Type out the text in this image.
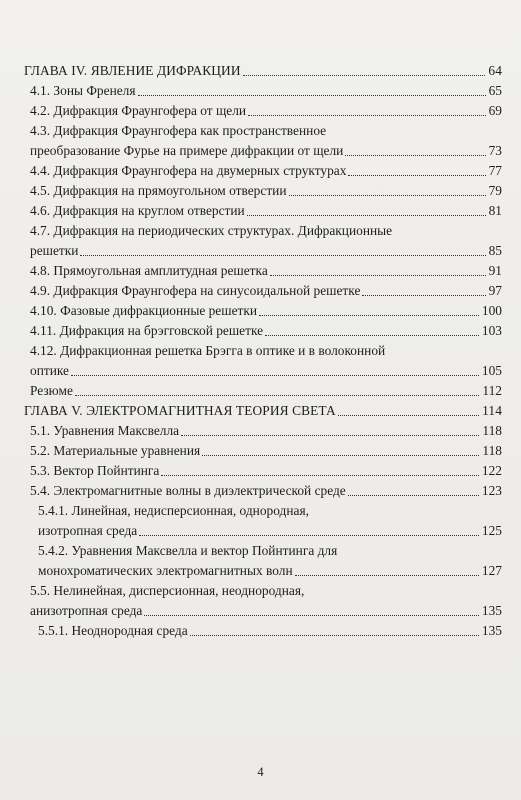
ГЛАВА IV. ЯВЛЕНИЕ ДИФРАКЦИИ	64
4.1. Зоны Френеля	65
4.2. Дифракция Фраунгофера от щели	69
4.3. Дифракция Фраунгофера как пространственное
преобразование Фурье на примере дифракции от щели	73
4.4. Дифракция Фраунгофера на двумерных структурах	77
4.5. Дифракция на прямоугольном отверстии	79
4.6. Дифракция на круглом отверстии	81
4.7. Дифракция на периодических структурах. Дифракционные
решетки	85
4.8. Прямоугольная амплитудная решетка	91
4.9. Дифракция Фраунгофера на синусоидальной решетке	97
4.10. Фазовые дифракционные решетки	100
4.11. Дифракция на брэгговской решетке	103
4.12. Дифракционная решетка Брэгга в оптике и в волоконной
оптике	105
Резюме	112
ГЛАВА V. ЭЛЕКТРОМАГНИТНАЯ ТЕОРИЯ СВЕТА	114
5.1. Уравнения Максвелла	118
5.2. Материальные уравнения	118
5.3. Вектор Пойнтинга	122
5.4. Электромагнитные волны в диэлектрической среде	123
5.4.1. Линейная, недисперсионная, однородная,
изотропная среда	125
5.4.2. Уравнения Максвелла и вектор Пойнтинга для
монохроматических электромагнитных волн	127
5.5. Нелинейная, дисперсионная, неоднородная,
анизотропная среда	135
5.5.1. Неоднородная среда	135
4
